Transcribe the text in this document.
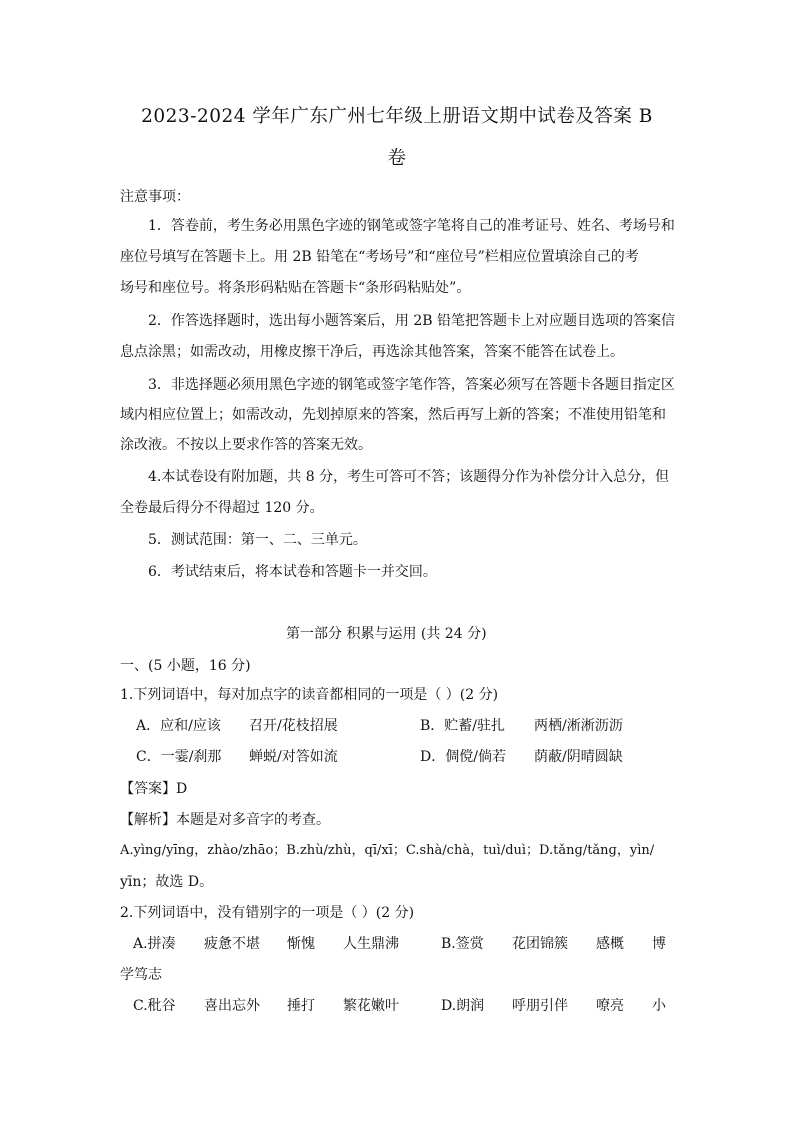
2023-2024 学年广东广州七年级上册语文期中试卷及答案 B
卷
注意事项：
1．答卷前，考生务必用黑色字迹的钢笔或签字笔将自己的准考证号、姓名、考场号和
座位号填写在答题卡上。用 2B 铅笔在“考场号”和“座位号”栏相应位置填涂自己的考
场号和座位号。将条形码粘贴在答题卡“条形码粘贴处”。
2．作答选择题时，选出每小题答案后，用 2B 铅笔把答题卡上对应题目选项的答案信
息点涂黑；如需改动，用橡皮擦干净后，再选涂其他答案，答案不能答在试卷上。
3．非选择题必须用黑色字迹的钢笔或签字笔作答，答案必须写在答题卡各题目指定区
域内相应位置上；如需改动，先划掉原来的答案，然后再写上新的答案；不准使用铅笔和
涂改液。不按以上要求作答的答案无效。
4.本试卷设有附加题，共 8 分，考生可答可不答；该题得分作为补偿分计入总分，但
全卷最后得分不得超过 120 分。
5．测试范围：第一、二、三单元。
6．考试结束后，将本试卷和答题卡一并交回。
第一部分 积累与运用 (共 24 分)
一、(5 小题，16 分)
1.下列词语中，每对加点字的读音都相同的一项是（ ）(2 分)
A．应和/应该 召开/花枝招展	B．贮蓄/驻扎 两栖/淅淅沥沥
C．一霎/刹那 蝉蜕/对答如流	D．倜傥/倘若 荫蔽/阴晴圆缺
【答案】D
【解析】本题是对多音字的考查。
A.yìnɡ/yīnɡ，zhào/zhāo；B.zhù/zhù，qī/xī；C.shà/chà，tuì/duì；D.tǎnɡ/tǎnɡ，yìn/
yīn；故选 D。
2.下列词语中，没有错别字的一项是（ ）(2 分)
A.拼凑 疲惫不堪 惭愧 人生鼎沸	B.签赏 花团锦簇 感概 博
学笃志
C.秕谷 喜出忘外 捶打 繁花嫩叶	D.朗润 呼朋引伴 嘹亮 小
